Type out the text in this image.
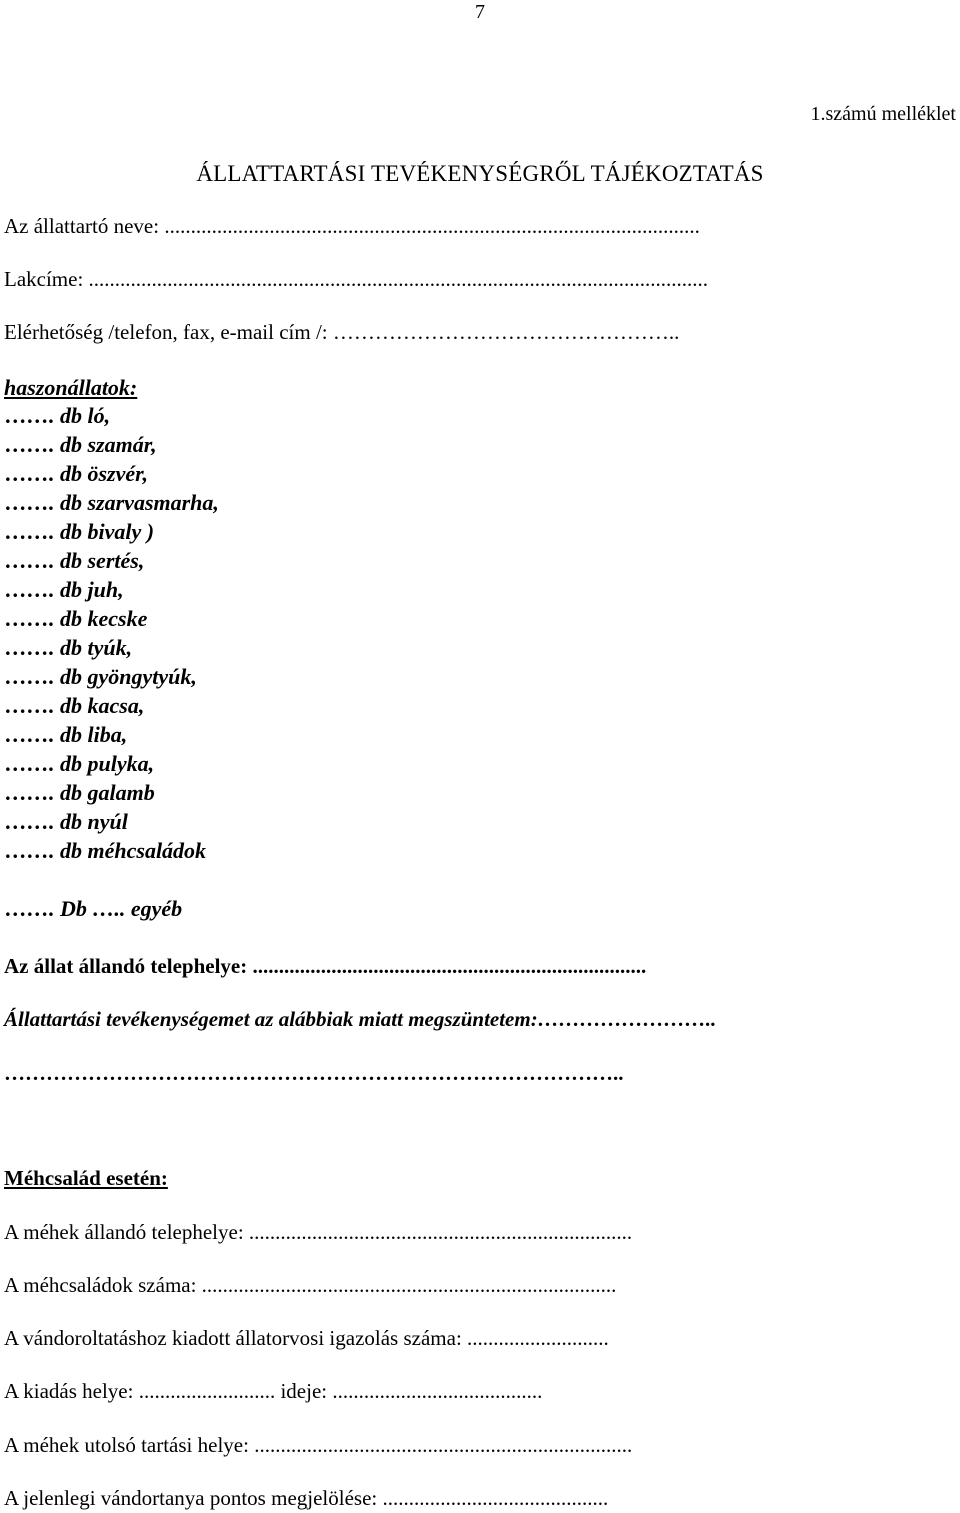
7
1.számú melléklet
ÁLLATTARTÁSI TEVÉKENYSÉGRŐL TÁJÉKOZTATÁS
Az állattartó neve: ......................................................................................................
Lakcíme: ......................................................................................................................
Elérhetőség /telefon, fax, e-mail cím /: …………………………………………..
haszonállatok:
……. db ló,
……. db szamár,
……. db öszvér,
……. db szarvasmarha,
……. db bivaly )
……. db sertés,
……. db juh,
……. db kecske
……. db tyúk,
……. db gyöngytyúk,
……. db kacsa,
……. db liba,
……. db pulyka,
……. db galamb
……. db nyúl
……. db méhcsaládok
……. Db ….. egyéb
Az állat állandó telephelye: ...........................................................................
Állattartási tevékenységemet az alábbiak miatt megszüntetem:……………………..
……………………………………………………………………………..
Méhcsalád esetén:
A méhek állandó telephelye: .........................................................................
A méhcsaládok száma: ...............................................................................
A vándoroltatáshoz kiadott állatorvosi igazolás száma: ...........................
A kiadás helye: .......................... ideje: ........................................
A méhek utolsó tartási helye: ........................................................................
A jelenlegi vándortanya pontos megjelölése: ...........................................
